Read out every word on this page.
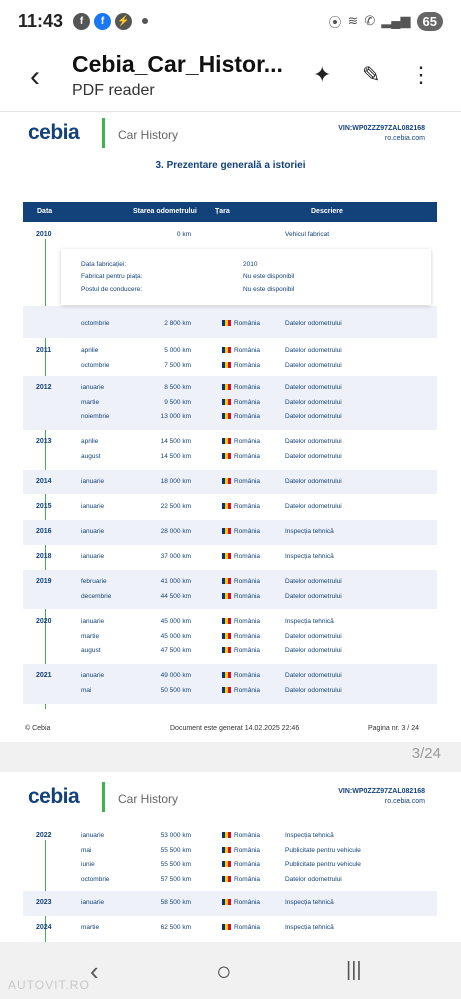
11:43	f	f	⚡	⦿ ≋ ✆ ▂▄▆ 65
‹ Cebia_Car_Histor...
PDF reader
✦ ✎ ⋮
cebia	Car History	VIN:WP0ZZZ97ZAL082168
ro.cebia.com
3. Prezentare generală a istoriei
Data	Starea odometrului	Țara	Descriere
2010	0 km	Vehicul fabricat
octombrie	2 800 km	România	Datelor odometrului
2011	aprilie	5 000 km	România	Datelor odometrului
octombrie	7 500 km	România	Datelor odometrului
2012	ianuarie	8 500 km	România	Datelor odometrului
martie	9 500 km	România	Datelor odometrului
noiembrie	13 000 km	România	Datelor odometrului
2013	aprilie	14 500 km	România	Datelor odometrului
august	14 500 km	România	Datelor odometrului
2014	ianuarie	18 000 km	România	Datelor odometrului
2015	ianuarie	22 500 km	România	Datelor odometrului
2016	ianuarie	28 000 km	România	Inspecția tehnică
2018	ianuarie	37 000 km	România	Inspecția tehnică
2019	februarie	41 000 km	România	Datelor odometrului
decembrie	44 500 km	România	Datelor odometrului
2020	ianuarie	45 000 km	România	Inspecția tehnică
martie	45 000 km	România	Datelor odometrului
august	47 500 km	România	Datelor odometrului
2021	ianuarie	49 000 km	România	Datelor odometrului
mai	50 500 km	România	Datelor odometrului
Data fabricației:	2010
Fabricat pentru piața:	Nu este disponibil
Postul de conducere:	Nu este disponibil
© Cebia	Document este generat 14.02.2025 22:46	Pagina nr. 3 / 24
3/24
cebia	Car History
VIN:WP0ZZZ97ZAL082168
ro.cebia.com
2022	ianuarie	53 000 km	România	Inspecția tehnică
mai	55 500 km	România	Publicitate pentru vehicule
iunie	55 500 km	România	Publicitate pentru vehicule
octombrie	57 500 km	România	Datelor odometrului
2023	ianuarie	58 500 km	România	Inspecția tehnică
2024	martie	62 500 km	România	Inspecția tehnică
‹	○	|||
AUTOVIT.RO
